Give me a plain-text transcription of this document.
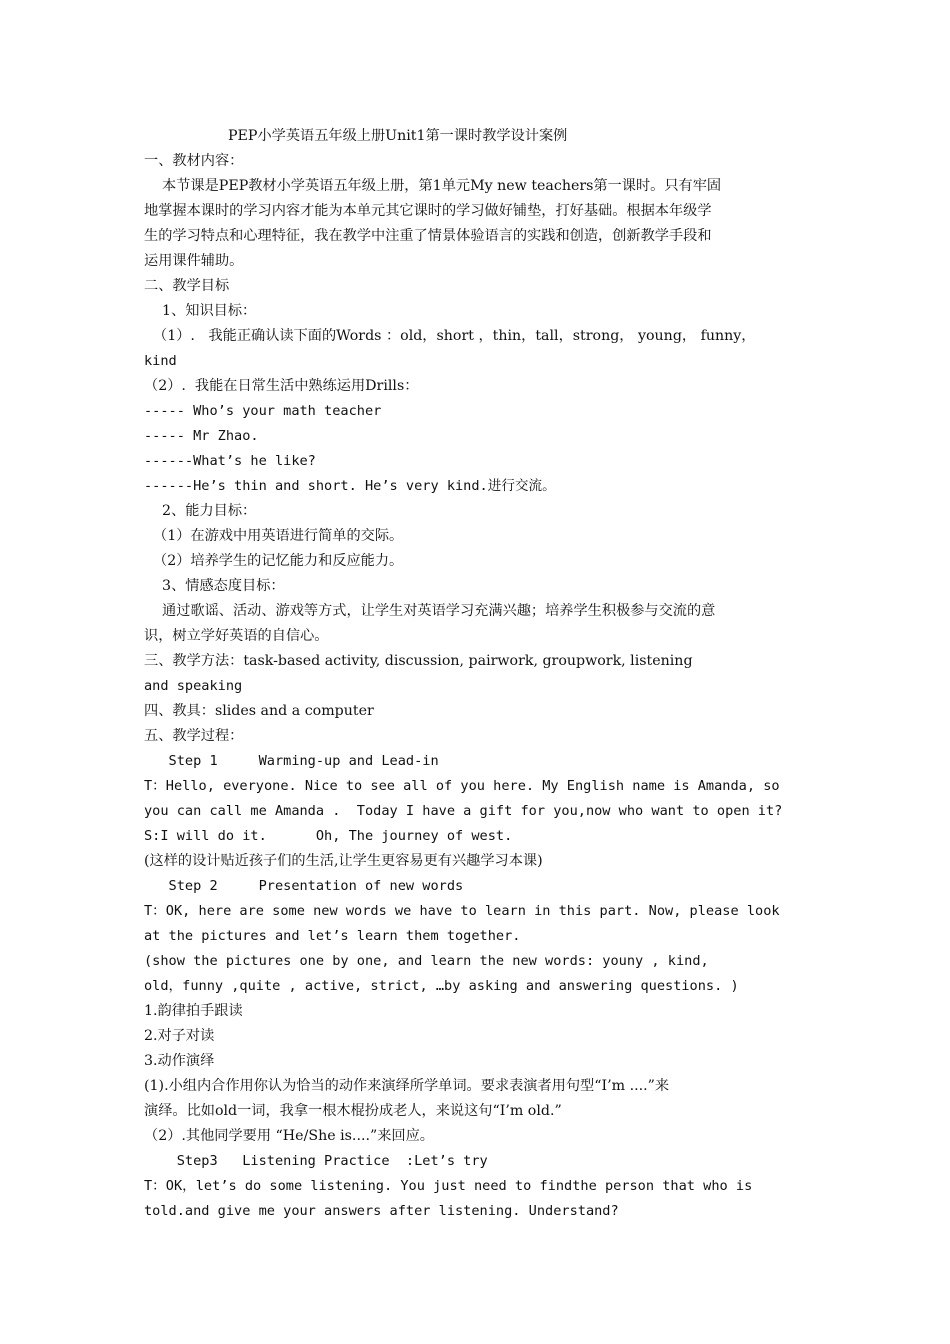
PEP小学英语五年级上册Unit1第一课时教学设计案例
一、教材内容：
本节课是PEP教材小学英语五年级上册，第1单元My new teachers第一课时。只有牢固
地掌握本课时的学习内容才能为本单元其它课时的学习做好铺垫，打好基础。根据本年级学
生的学习特点和心理特征，我在教学中注重了情景体验语言的实践和创造，创新教学手段和
运用课件辅助。
二、教学目标
1、知识目标：
（1）.   我能正确认读下面的Words ：old，short ，thin，tall，strong， young， funny，
kind
（2）.  我能在日常生活中熟练运用Drills：
----- Who’s your math teacher
----- Mr Zhao.
------What’s he like?
------He’s thin and short. He’s very kind.进行交流。
2、能力目标：
（1）在游戏中用英语进行简单的交际。
（2）培养学生的记忆能力和反应能力。
3、情感态度目标：
通过歌谣、活动、游戏等方式，让学生对英语学习充满兴趣；培养学生积极参与交流的意
识，树立学好英语的自信心。
三、教学方法：task-based activity, discussion, pairwork, groupwork, listening
and speaking
四、教具：slides and a computer
五、教学过程：
Step 1     Warming-up and Lead-in
T：Hello, everyone. Nice to see all of you here. My English name is Amanda, so
you can call me Amanda .  Today I have a gift for you,now who want to open it?
S:I will do it.      Oh, The journey of west.
(这样的设计贴近孩子们的生活,让学生更容易更有兴趣学习本课)
Step 2     Presentation of new words
T：OK, here are some new words we have to learn in this part. Now, please look
at the pictures and let’s learn them together.
(show the pictures one by one, and learn the new words: youny , kind,
old，funny ,quite , active, strict, …by asking and answering questions. )
1.韵律拍手跟读
2.对子对读
3.动作演绎
(1).小组内合作用你认为恰当的动作来演绎所学单词。要求表演者用句型“I’m ....”来
演绎。比如old一词，我拿一根木棍扮成老人，来说这句“I’m old.”
（2）.其他同学要用 “He/She is....”来回应。
Step3   Listening Practice  :Let’s try
T：OK，let’s do some listening. You just need to findthe person that who is
told.and give me your answers after listening. Understand?
